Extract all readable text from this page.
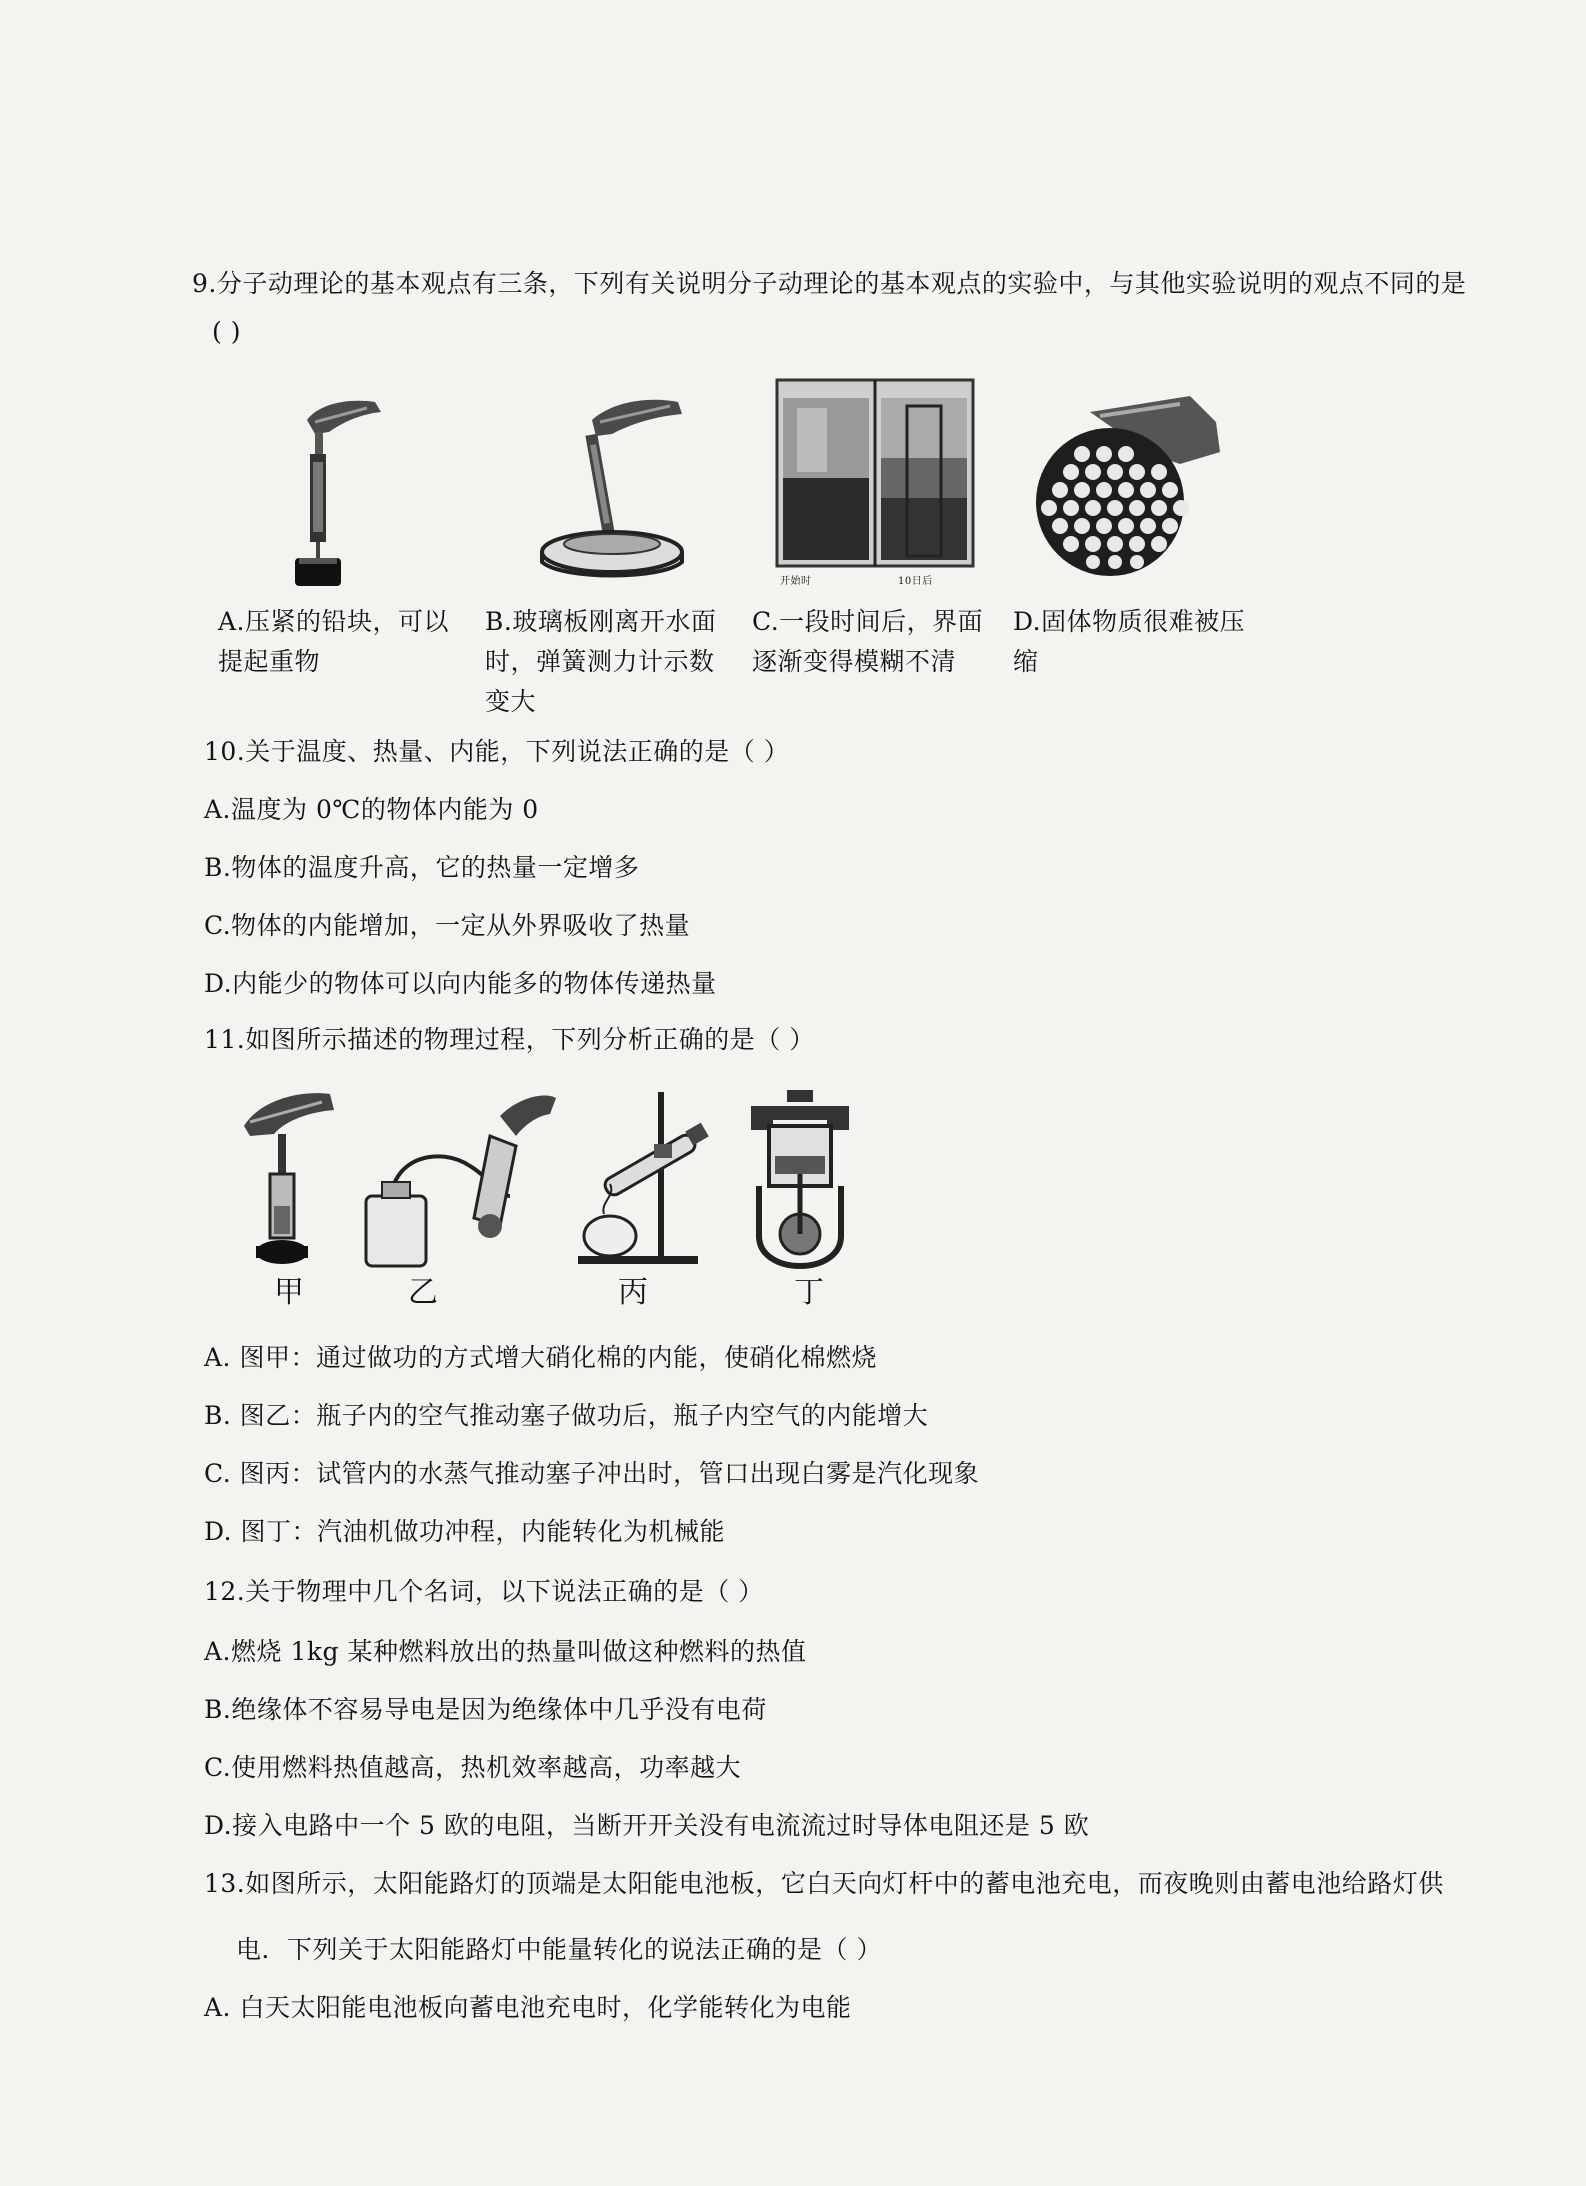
9.分子动理论的基本观点有三条，下列有关说明分子动理论的基本观点的实验中，与其他实验说明的观点不同的是
( )
开始时	10日后
A.压紧的铅块，可以
提起重物
B.玻璃板刚离开水面
时，弹簧测力计示数
变大
C.一段时间后，界面
逐渐变得模糊不清
D.固体物质很难被压
缩
10.关于温度、热量、内能，下列说法正确的是（ ）
A.温度为 0℃的物体内能为 0
B.物体的温度升高，它的热量一定增多
C.物体的内能增加，一定从外界吸收了热量
D.内能少的物体可以向内能多的物体传递热量
11.如图所示描述的物理过程，下列分析正确的是（ ）
甲	乙	丙	丁
A. 图甲：通过做功的方式增大硝化棉的内能，使硝化棉燃烧
B. 图乙：瓶子内的空气推动塞子做功后，瓶子内空气的内能增大
C. 图丙：试管内的水蒸气推动塞子冲出时，管口出现白雾是汽化现象
D. 图丁：汽油机做功冲程，内能转化为机械能
12.关于物理中几个名词，以下说法正确的是（ ）
A.燃烧 1kg 某种燃料放出的热量叫做这种燃料的热值
B.绝缘体不容易导电是因为绝缘体中几乎没有电荷
C.使用燃料热值越高，热机效率越高，功率越大
D.接入电路中一个 5 欧的电阻，当断开开关没有电流流过时导体电阻还是 5 欧
13.如图所示，太阳能路灯的顶端是太阳能电池板，它白天向灯杆中的蓄电池充电，而夜晚则由蓄电池给路灯供
电．下列关于太阳能路灯中能量转化的说法正确的是（ ）
A. 白天太阳能电池板向蓄电池充电时，化学能转化为电能
